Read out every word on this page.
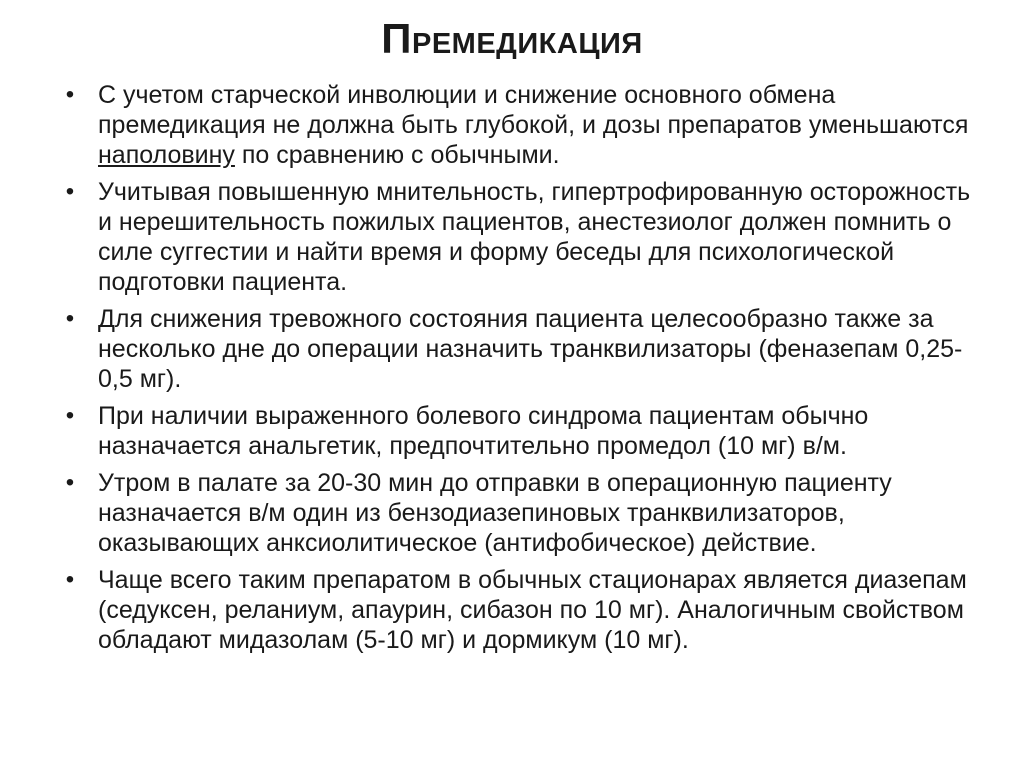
Премедикация
• С учетом старческой инволюции и снижение основного обмена премедикация не должна быть глубокой, и дозы препаратов уменьшаются наполовину по сравнению с обычными.
• Учитывая повышенную мнительность, гипертрофированную осторожность и нерешительность пожилых пациентов, анестезиолог должен помнить о силе суггестии и найти время и форму беседы для психологической подготовки пациента.
• Для снижения тревожного состояния пациента целесообразно также за несколько дне до операции назначить транквилизаторы (феназепам 0,25-0,5 мг).
• При наличии выраженного болевого синдрома пациентам обычно назначается анальгетик, предпочтительно промедол (10 мг) в/м.
• Утром в палате за 20-30 мин до отправки в операционную пациенту назначается в/м один из бензодиазепиновых транквилизаторов, оказывающих анксиолитическое (антифобическое) действие.
• Чаще всего таким препаратом в обычных стационарах является диазепам (седуксен, реланиум, апаурин, сибазон по 10 мг). Аналогичным свойством обладают мидазолам (5-10 мг) и дормикум (10 мг).
